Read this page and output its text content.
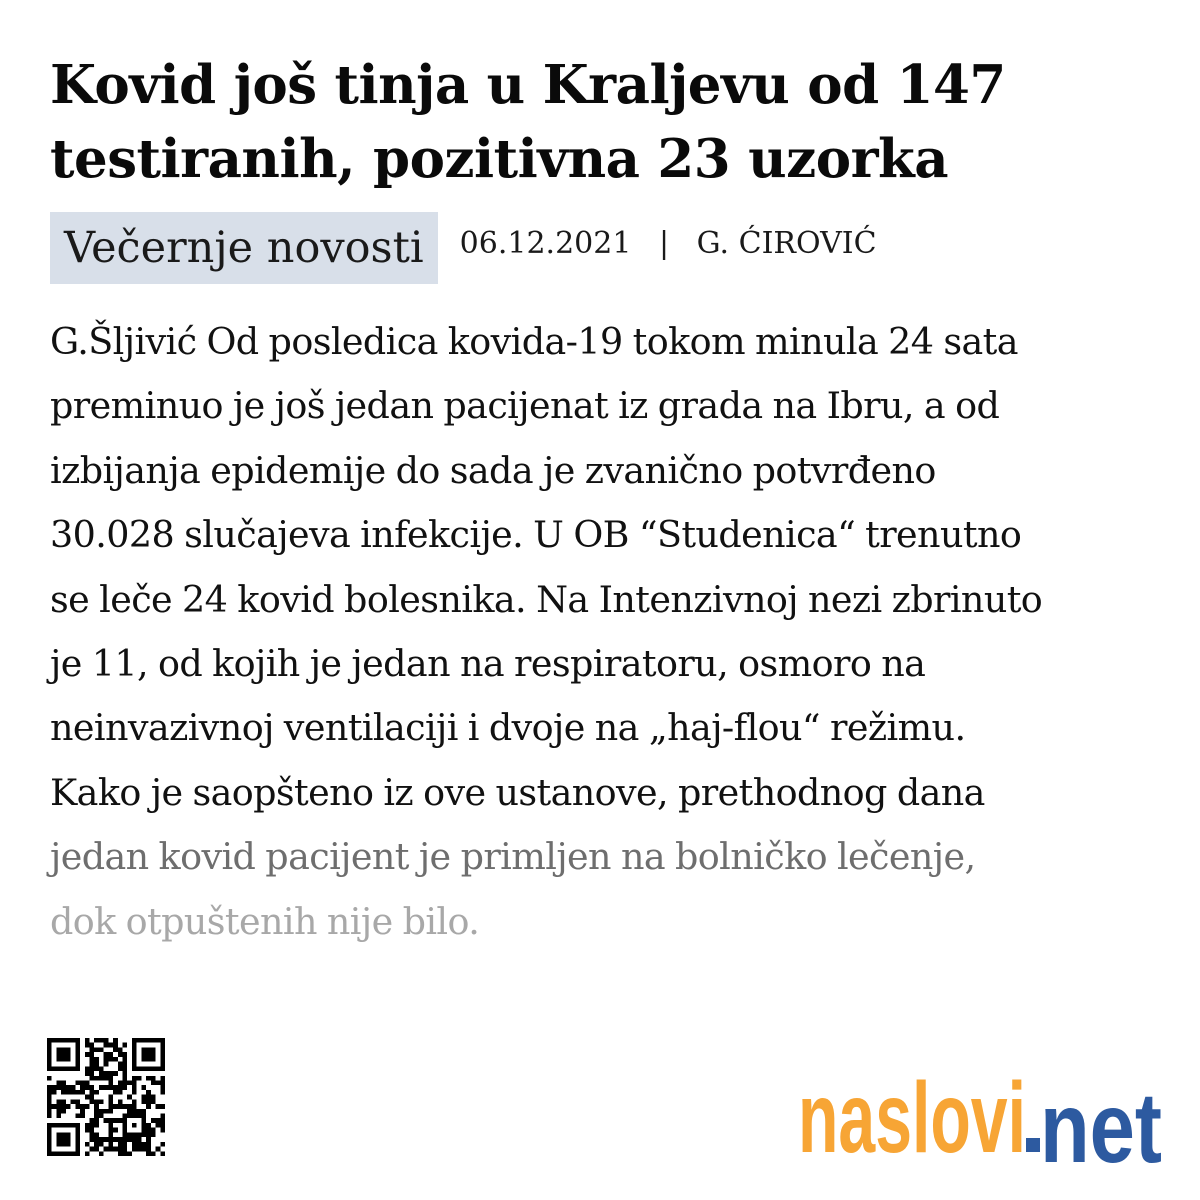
Kovid još tinja u Kraljevu od 147 testiranih, pozitivna 23 uzorka
Večernje novosti	06.12.2021 | G. ĆIROVIĆ
G.Šljivić Od posledica kovida-19 tokom minula 24 sata
preminuo je još jedan pacijenat iz grada na Ibru, a od
izbijanja epidemije do sada je zvanično potvrđeno
30.028 slučajeva infekcije. U OB “Studenica“ trenutno
se leče 24 kovid bolesnika. Na Intenzivnoj nezi zbrinuto
je 11, od kojih je jedan na respiratoru, osmoro na
neinvazivnoj ventilaciji i dvoje na „haj-flou“ režimu.
Kako je saopšteno iz ove ustanove, prethodnog dana
jedan kovid pacijent je primljen na bolničko lečenje,
dok otpuštenih nije bilo.
naslovi net
